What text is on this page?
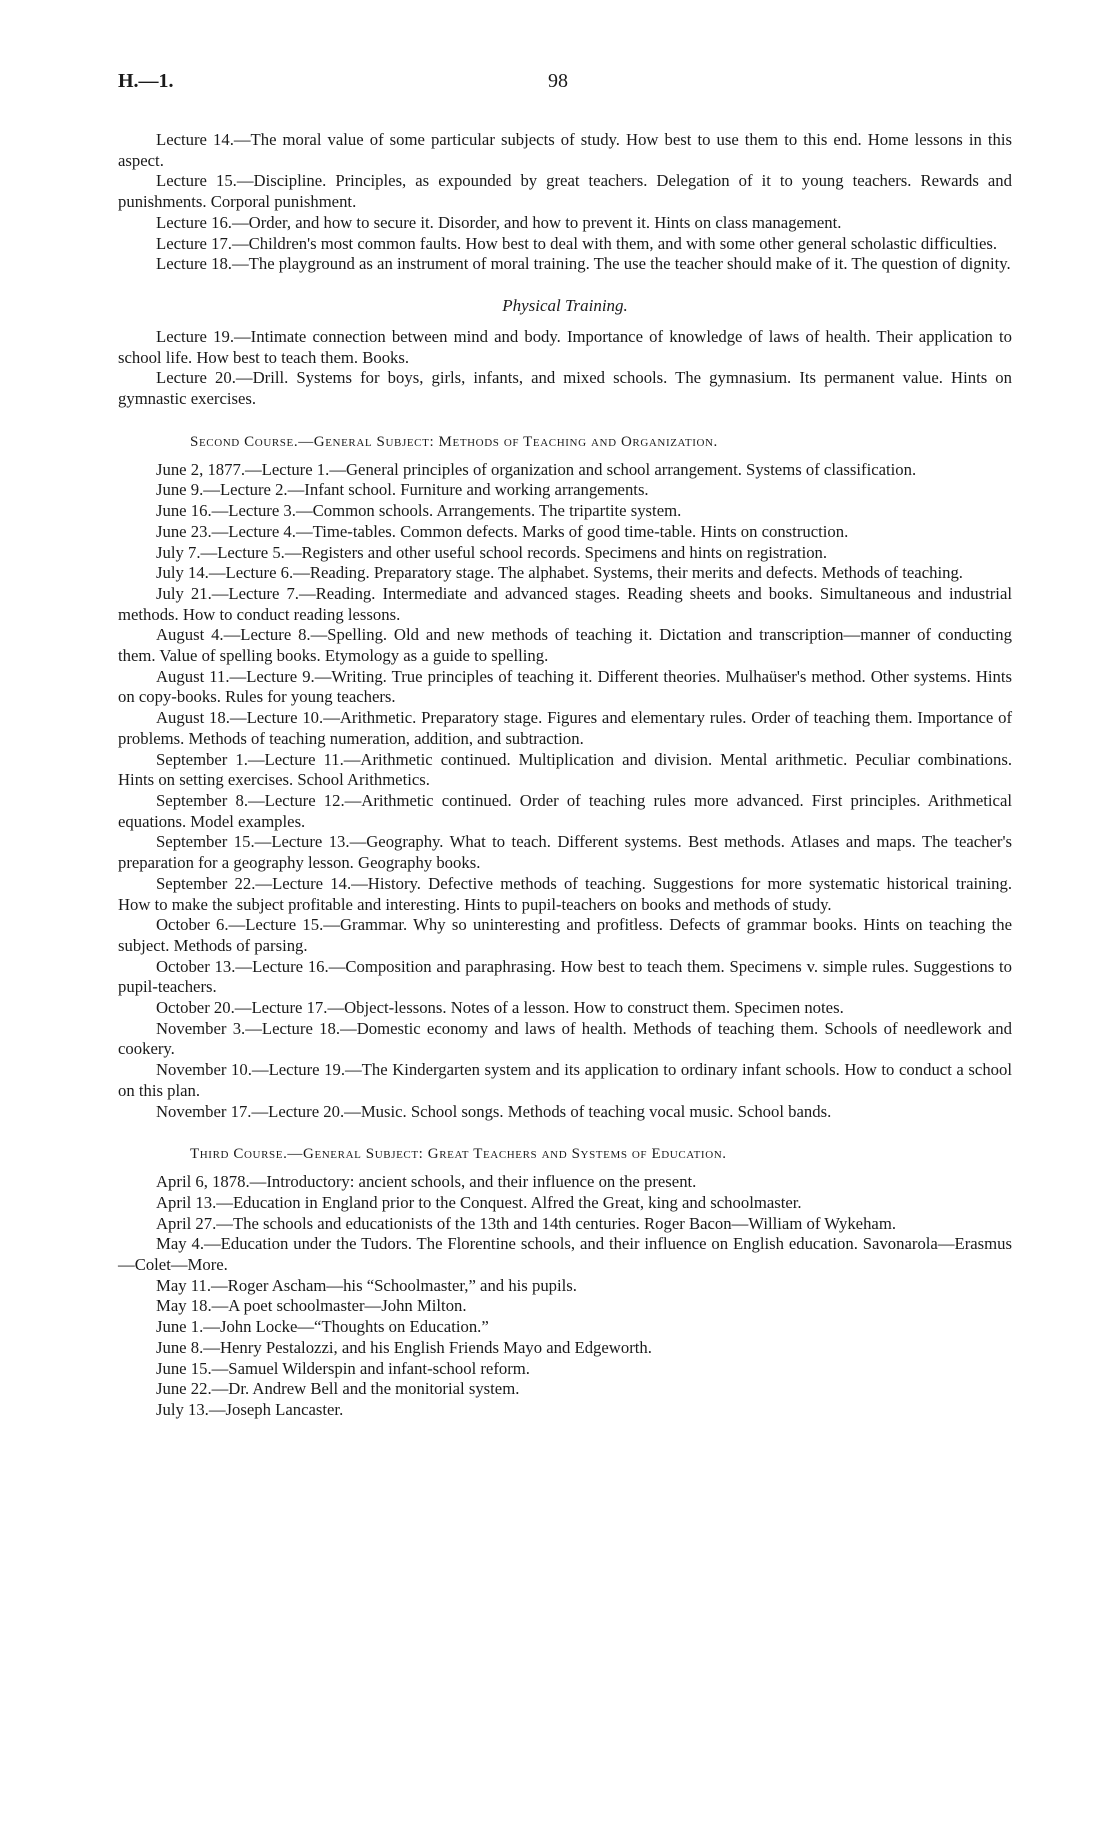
H.—1.	98

Lecture 14.—The moral value of some particular subjects of study. How best to use them to this end. Home lessons in this aspect.

Lecture 15.—Discipline. Principles, as expounded by great teachers. Delegation of it to young teachers. Rewards and punishments. Corporal punishment.

Lecture 16.—Order, and how to secure it. Disorder, and how to prevent it. Hints on class management.

Lecture 17.—Children's most common faults. How best to deal with them, and with some other general scholastic difficulties.

Lecture 18.—The playground as an instrument of moral training. The use the teacher should make of it. The question of dignity.

Physical Training.

Lecture 19.—Intimate connection between mind and body. Importance of knowledge of laws of health. Their application to school life. How best to teach them. Books.

Lecture 20.—Drill. Systems for boys, girls, infants, and mixed schools. The gymnasium. Its permanent value. Hints on gymnastic exercises.

Second Course.—General Subject: Methods of Teaching and Organization.

June 2, 1877.—Lecture 1.—General principles of organization and school arrangement. Systems of classification.

June 9.—Lecture 2.—Infant school. Furniture and working arrangements.

June 16.—Lecture 3.—Common schools. Arrangements. The tripartite system.

June 23.—Lecture 4.—Time-tables. Common defects. Marks of good time-table. Hints on construction.

July 7.—Lecture 5.—Registers and other useful school records. Specimens and hints on registration.

July 14.—Lecture 6.—Reading. Preparatory stage. The alphabet. Systems, their merits and defects. Methods of teaching.

July 21.—Lecture 7.—Reading. Intermediate and advanced stages. Reading sheets and books. Simultaneous and industrial methods. How to conduct reading lessons.

August 4.—Lecture 8.—Spelling. Old and new methods of teaching it. Dictation and transcription—manner of conducting them. Value of spelling books. Etymology as a guide to spelling.

August 11.—Lecture 9.—Writing. True principles of teaching it. Different theories. Mulhaüser's method. Other systems. Hints on copy-books. Rules for young teachers.

August 18.—Lecture 10.—Arithmetic. Preparatory stage. Figures and elementary rules. Order of teaching them. Importance of problems. Methods of teaching numeration, addition, and subtraction.

September 1.—Lecture 11.—Arithmetic continued. Multiplication and division. Mental arithmetic. Peculiar combinations. Hints on setting exercises. School Arithmetics.

September 8.—Lecture 12.—Arithmetic continued. Order of teaching rules more advanced. First principles. Arithmetical equations. Model examples.

September 15.—Lecture 13.—Geography. What to teach. Different systems. Best methods. Atlases and maps. The teacher's preparation for a geography lesson. Geography books.

September 22.—Lecture 14.—History. Defective methods of teaching. Suggestions for more systematic historical training. How to make the subject profitable and interesting. Hints to pupil-teachers on books and methods of study.

October 6.—Lecture 15.—Grammar. Why so uninteresting and profitless. Defects of grammar books. Hints on teaching the subject. Methods of parsing.

October 13.—Lecture 16.—Composition and paraphrasing. How best to teach them. Specimens v. simple rules. Suggestions to pupil-teachers.

October 20.—Lecture 17.—Object-lessons. Notes of a lesson. How to construct them. Specimen notes.

November 3.—Lecture 18.—Domestic economy and laws of health. Methods of teaching them. Schools of needlework and cookery.

November 10.—Lecture 19.—The Kindergarten system and its application to ordinary infant schools. How to conduct a school on this plan.

November 17.—Lecture 20.—Music. School songs. Methods of teaching vocal music. School bands.

Third Course.—General Subject: Great Teachers and Systems of Education.

April 6, 1878.—Introductory: ancient schools, and their influence on the present.

April 13.—Education in England prior to the Conquest. Alfred the Great, king and schoolmaster.

April 27.—The schools and educationists of the 13th and 14th centuries. Roger Bacon—William of Wykeham.

May 4.—Education under the Tudors. The Florentine schools, and their influence on English education. Savonarola—Erasmus—Colet—More.

May 11.—Roger Ascham—his “Schoolmaster,” and his pupils.

May 18.—A poet schoolmaster—John Milton.

June 1.—John Locke—“Thoughts on Education.”

June 8.—Henry Pestalozzi, and his English Friends Mayo and Edgeworth.

June 15.—Samuel Wilderspin and infant-school reform.

June 22.—Dr. Andrew Bell and the monitorial system.

July 13.—Joseph Lancaster.
